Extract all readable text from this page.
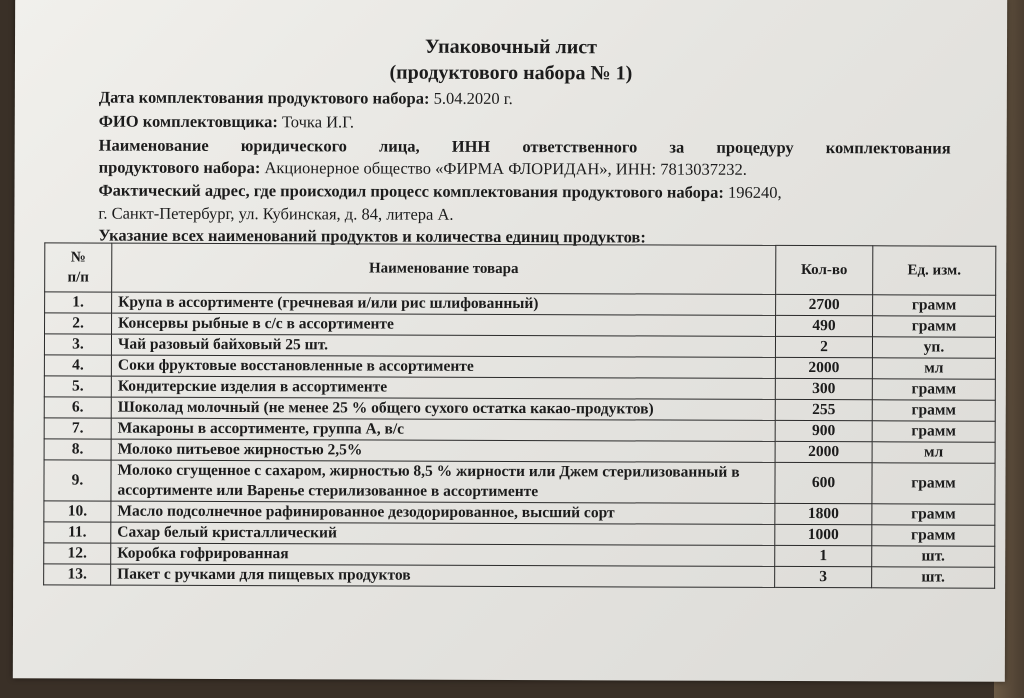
Упаковочный лист
(продуктового набора № 1)
Дата комплектования продуктового набора: 5.04.2020 г.
ФИО комплектовщика: Точка И.Г.
Наименование юридического лица, ИНН ответственного за процедуру комплектования
продуктового набора: Акционерное общество «ФИРМА ФЛОРИДАН», ИНН: 7813037232.
Фактический адрес, где происходил процесс комплектования продуктового набора: 196240,
г. Санкт-Петербург, ул. Кубинская, д. 84, литера А.
Указание всех наименований продуктов и количества единиц продуктов:
№
п/п	Наименование товара	Кол-во	Ед. изм.
1.	Крупа в ассортименте (гречневая и/или рис шлифованный)	2700	грамм
2.	Консервы рыбные в с/с в ассортименте	490	грамм
3.	Чай разовый байховый 25 шт.	2	уп.
4.	Соки фруктовые восстановленные в ассортименте	2000	мл
5.	Кондитерские изделия в ассортименте	300	грамм
6.	Шоколад молочный (не менее 25 % общего сухого остатка какао-продуктов)	255	грамм
7.	Макароны в ассортименте, группа А, в/с	900	грамм
8.	Молоко питьевое жирностью 2,5%	2000	мл
9.	Молоко сгущенное с сахаром, жирностью 8,5 % жирности или Джем стерилизованный в ассортименте или Варенье стерилизованное в ассортименте	600	грамм
10.	Масло подсолнечное рафинированное дезодорированное, высший сорт	1800	грамм
11.	Сахар белый кристаллический	1000	грамм
12.	Коробка гофрированная	1	шт.
13.	Пакет с ручками для пищевых продуктов	3	шт.
